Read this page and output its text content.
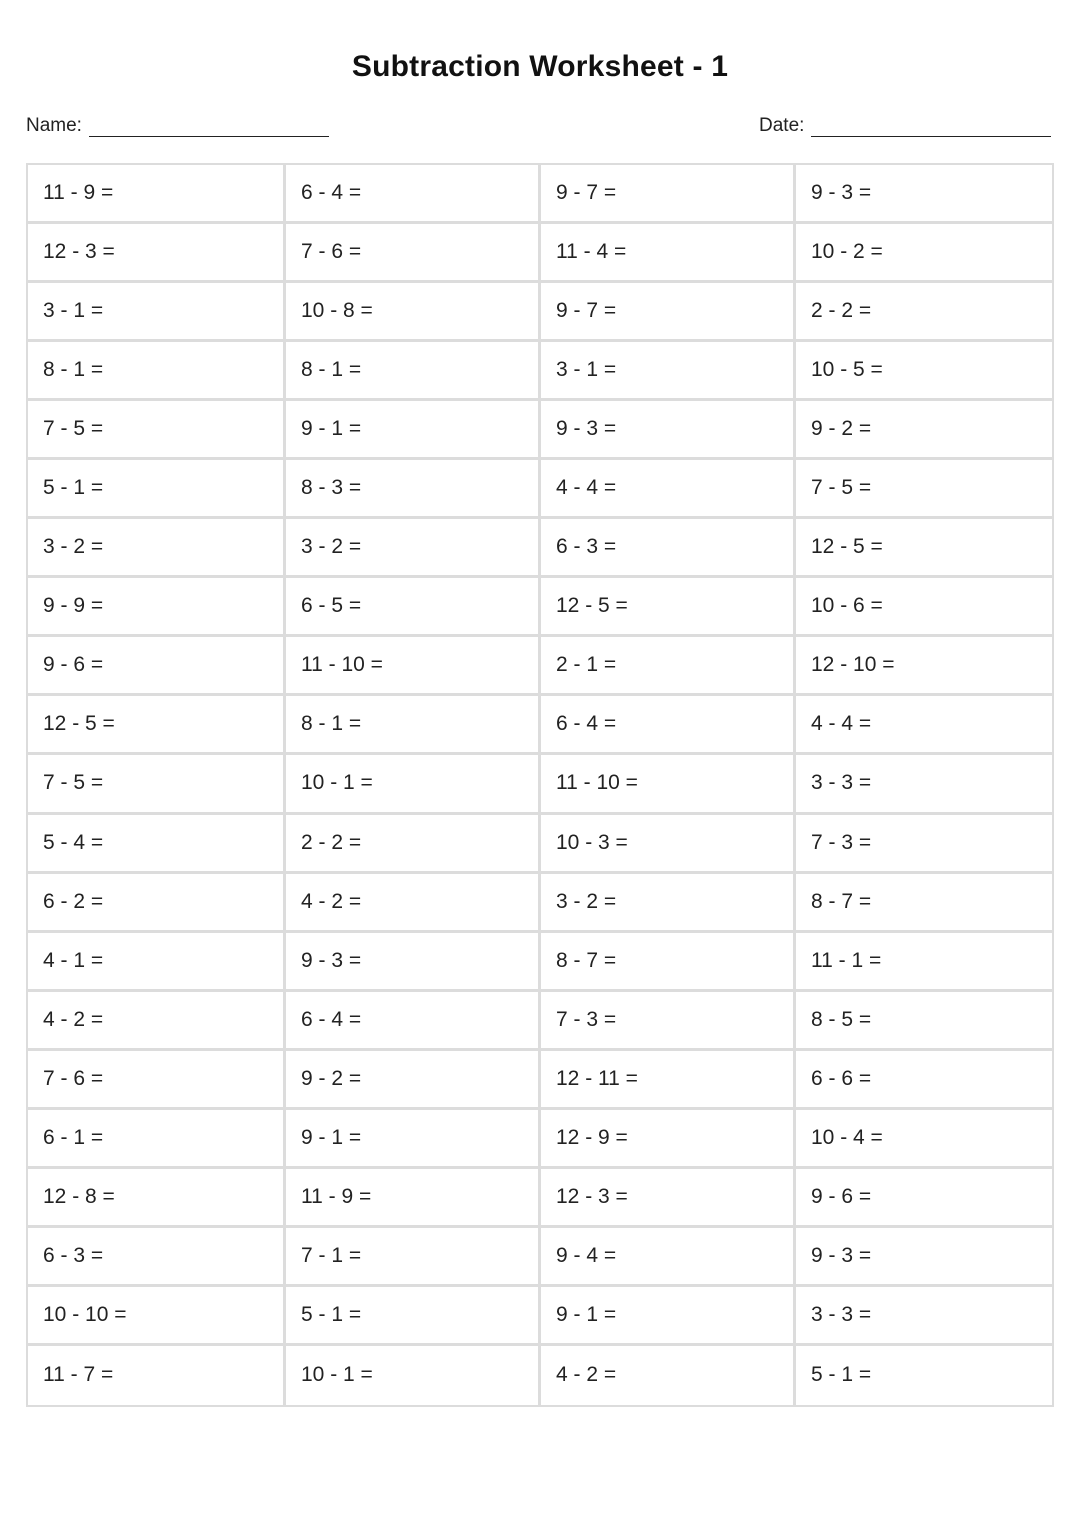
Subtraction Worksheet - 1
Name:	Date:
11 - 9 =	6 - 4 =	9 - 7 =	9 - 3 =
12 - 3 =	7 - 6 =	11 - 4 =	10 - 2 =
3 - 1 =	10 - 8 =	9 - 7 =	2 - 2 =
8 - 1 =	8 - 1 =	3 - 1 =	10 - 5 =
7 - 5 =	9 - 1 =	9 - 3 =	9 - 2 =
5 - 1 =	8 - 3 =	4 - 4 =	7 - 5 =
3 - 2 =	3 - 2 =	6 - 3 =	12 - 5 =
9 - 9 =	6 - 5 =	12 - 5 =	10 - 6 =
9 - 6 =	11 - 10 =	2 - 1 =	12 - 10 =
12 - 5 =	8 - 1 =	6 - 4 =	4 - 4 =
7 - 5 =	10 - 1 =	11 - 10 =	3 - 3 =
5 - 4 =	2 - 2 =	10 - 3 =	7 - 3 =
6 - 2 =	4 - 2 =	3 - 2 =	8 - 7 =
4 - 1 =	9 - 3 =	8 - 7 =	11 - 1 =
4 - 2 =	6 - 4 =	7 - 3 =	8 - 5 =
7 - 6 =	9 - 2 =	12 - 11 =	6 - 6 =
6 - 1 =	9 - 1 =	12 - 9 =	10 - 4 =
12 - 8 =	11 - 9 =	12 - 3 =	9 - 6 =
6 - 3 =	7 - 1 =	9 - 4 =	9 - 3 =
10 - 10 =	5 - 1 =	9 - 1 =	3 - 3 =
11 - 7 =	10 - 1 =	4 - 2 =	5 - 1 =
